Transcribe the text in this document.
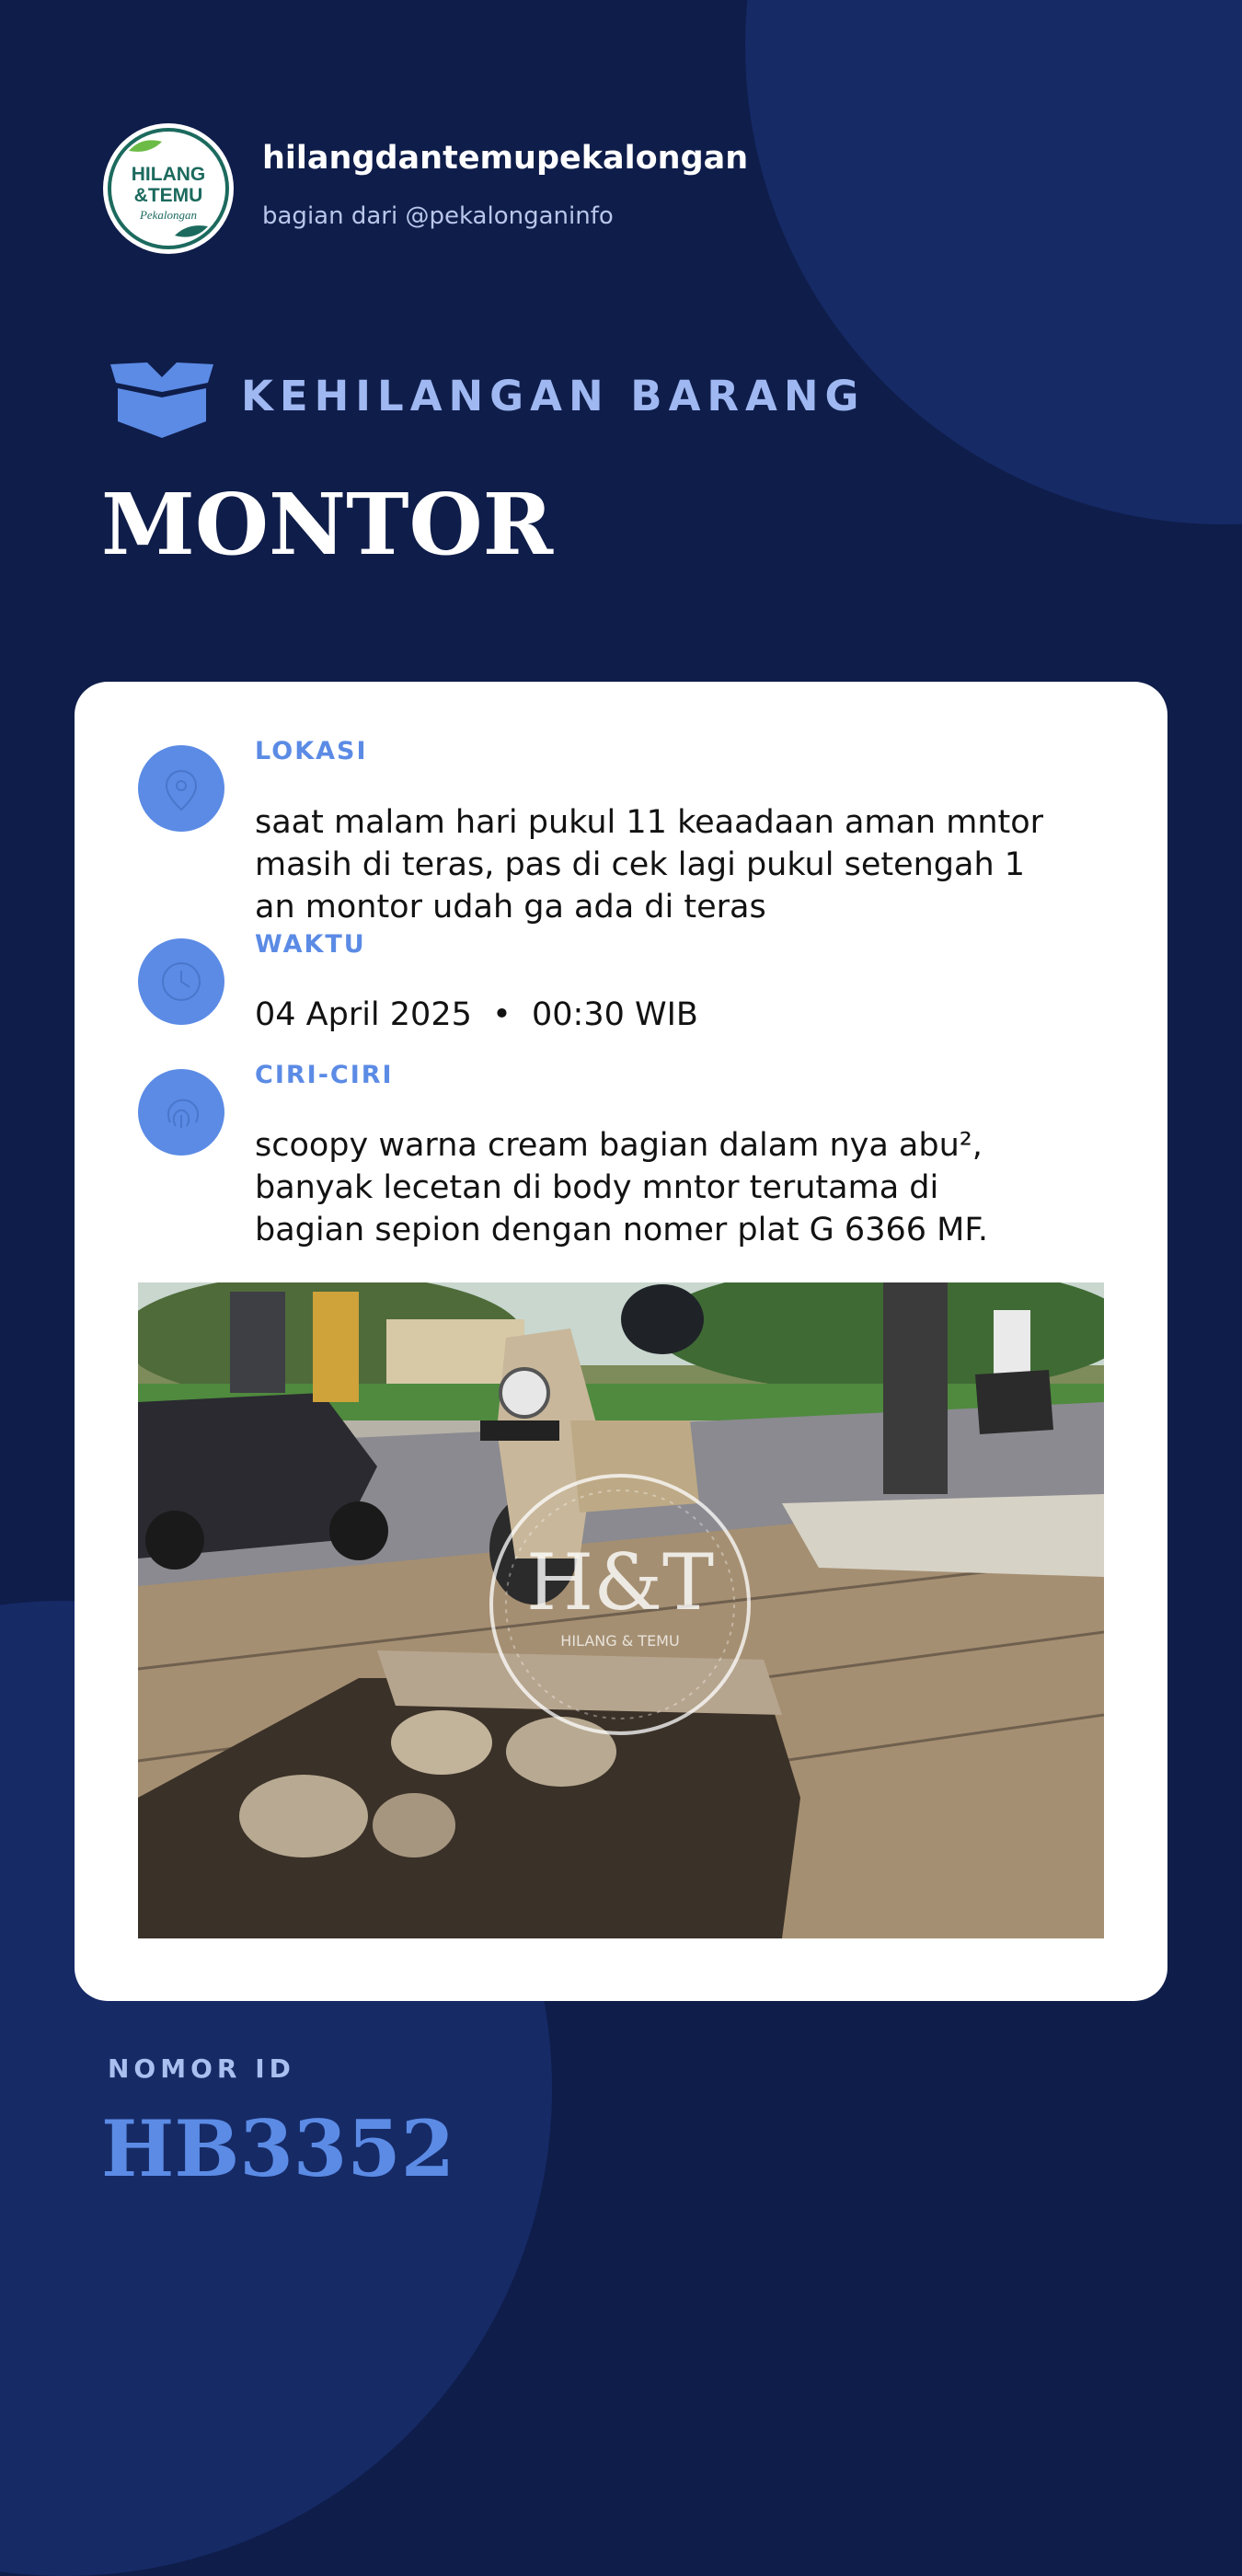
HILANG
&TEMU
Pekalongan
hilangdantemupekalongan
bagian dari @pekalonganinfo
KEHILANGAN BARANG
MONTOR
LOKASI
saat malam hari pukul 11 keaadaan aman mntor masih di teras, pas di cek lagi pukul setengah 1 an montor udah ga ada di teras
WAKTU
04 April 2025  •  00:30 WIB
CIRI-CIRI
scoopy warna cream bagian dalam nya abu², banyak lecetan di body mntor terutama di bagian sepion dengan nomer plat G 6366 MF.
H&T
HILANG & TEMU
NOMOR ID
HB3352
